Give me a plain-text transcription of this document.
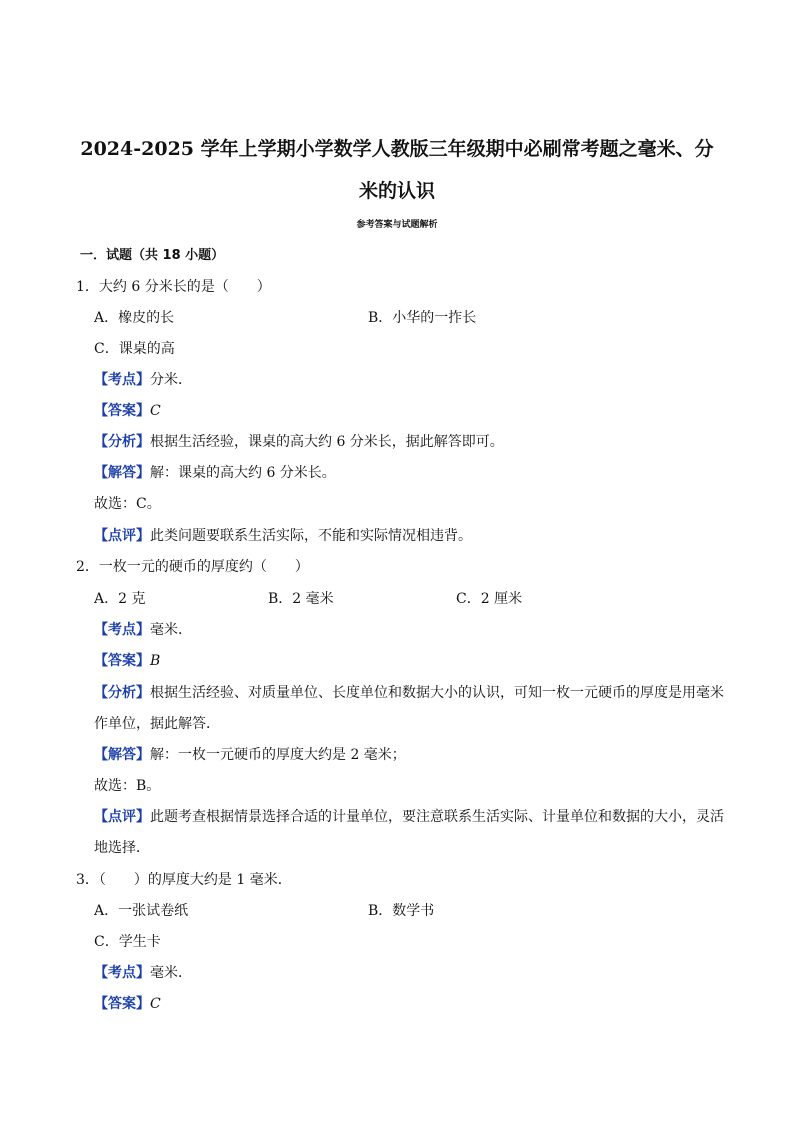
2024-2025 学年上学期小学数学人教版三年级期中必刷常考题之毫米、分
米的认识
参考答案与试题解析
一．试题（共 18 小题）
1．大约 6 分米长的是（　　）
A．橡皮的长	B．小华的一拃长
C．课桌的高
【考点】分米．
【答案】C
【分析】根据生活经验，课桌的高大约 6 分米长，据此解答即可。
【解答】解：课桌的高大约 6 分米长。
故选：C。
【点评】此类问题要联系生活实际，不能和实际情况相违背。
2．一枚一元的硬币的厚度约（　　）
A．2 克	B．2 毫米	C．2 厘米
【考点】毫米．
【答案】B
【分析】根据生活经验、对质量单位、长度单位和数据大小的认识，可知一枚一元硬币的厚度是用毫米
作单位，据此解答．
【解答】解：一枚一元硬币的厚度大约是 2 毫米；
故选：B。
【点评】此题考查根据情景选择合适的计量单位，要注意联系生活实际、计量单位和数据的大小，灵活
地选择．
3．（　　）的厚度大约是 1 毫米．
A．一张试卷纸	B．数学书
C．学生卡
【考点】毫米．
【答案】C
